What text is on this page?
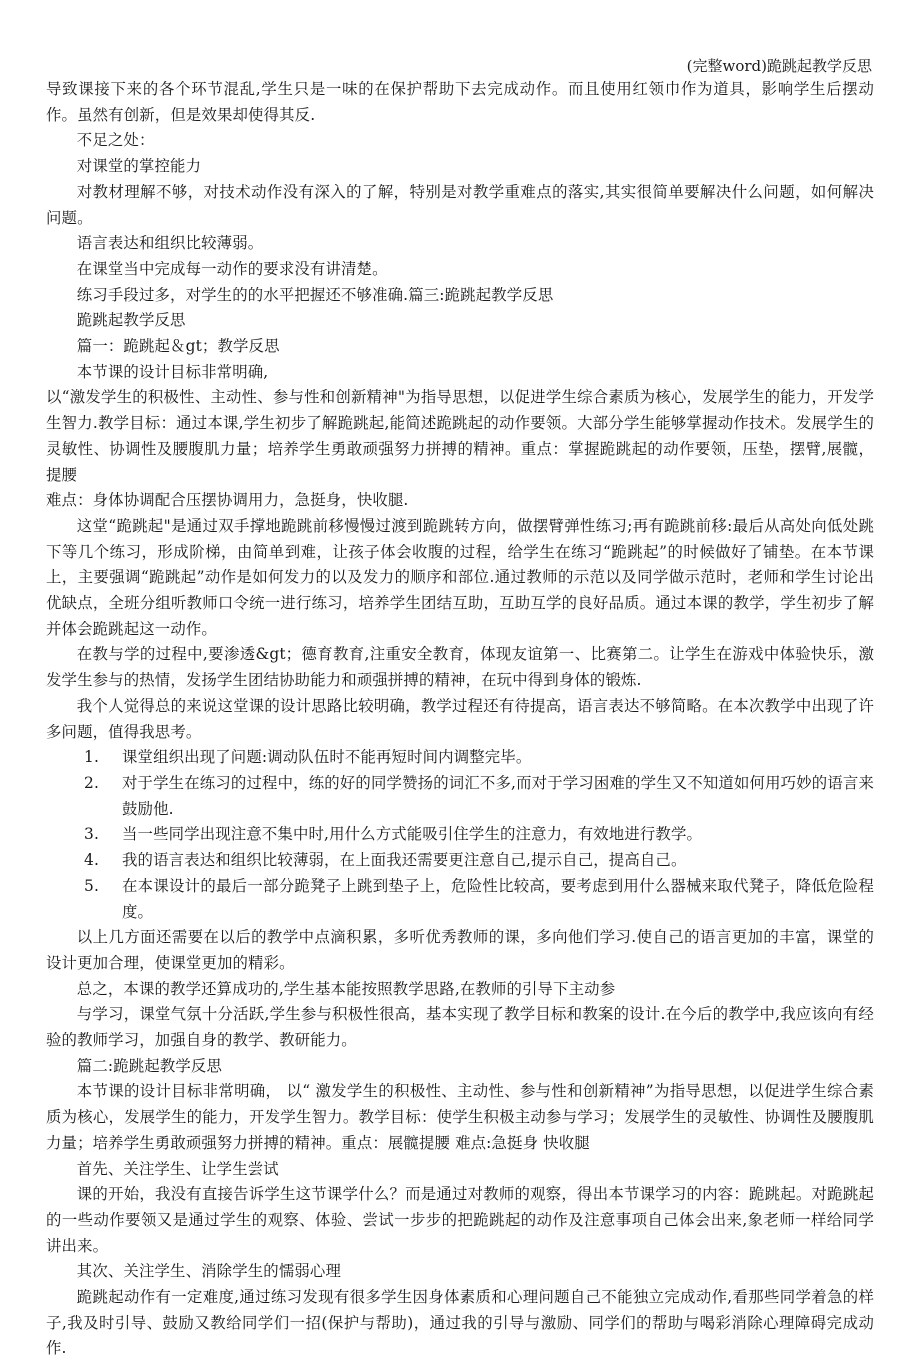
(完整word)跪跳起教学反思

导致课接下来的各个环节混乱,学生只是一味的在保护帮助下去完成动作。而且使用红领巾作为道具，影响学生后摆动作。虽然有创新，但是效果却使得其反.

不足之处：

对课堂的掌控能力

对教材理解不够，对技术动作没有深入的了解，特别是对教学重难点的落实,其实很简单要解决什么问题，如何解决问题。

语言表达和组织比较薄弱。

在课堂当中完成每一动作的要求没有讲清楚。

练习手段过多，对学生的的水平把握还不够准确.篇三:跪跳起教学反思

跪跳起教学反思

篇一：跪跳起＆gt；教学反思

本节课的设计目标非常明确,

以“激发学生的积极性、主动性、参与性和创新精神"为指导思想，以促进学生综合素质为核心，发展学生的能力，开发学生智力.教学目标：通过本课,学生初步了解跪跳起,能简述跪跳起的动作要领。大部分学生能够掌握动作技术。发展学生的灵敏性、协调性及腰腹肌力量；培养学生勇敢顽强努力拼搏的精神。重点：掌握跪跳起的动作要领，压垫，摆臂,展髋，提腰

难点：身体协调配合压摆协调用力，急挺身，快收腿.

这堂“跪跳起"是通过双手撑地跪跳前移慢慢过渡到跪跳转方向，做摆臂弹性练习;再有跪跳前移:最后从高处向低处跳下等几个练习，形成阶梯，由简单到难，让孩子体会收腹的过程，给学生在练习“跪跳起”的时候做好了铺垫。在本节课上，主要强调“跪跳起”动作是如何发力的以及发力的顺序和部位.通过教师的示范以及同学做示范时，老师和学生讨论出优缺点，全班分组听教师口令统一进行练习，培养学生团结互助，互助互学的良好品质。通过本课的教学，学生初步了解并体会跪跳起这一动作。

在教与学的过程中,要渗透&gt；德育教育,注重安全教育，体现友谊第一、比赛第二。让学生在游戏中体验快乐，激发学生参与的热情，发扬学生团结协助能力和顽强拼搏的精神，在玩中得到身体的锻炼.

我个人觉得总的来说这堂课的设计思路比较明确，教学过程还有待提高，语言表达不够简略。在本次教学中出现了许多问题，值得我思考。

1. 课堂组织出现了问题:调动队伍时不能再短时间内调整完毕。
2. 对于学生在练习的过程中，练的好的同学赞扬的词汇不多,而对于学习困难的学生又不知道如何用巧妙的语言来鼓励他.
3. 当一些同学出现注意不集中时,用什么方式能吸引住学生的注意力，有效地进行教学。
4. 我的语言表达和组织比较薄弱，在上面我还需要更注意自己,提示自己，提高自己。
5. 在本课设计的最后一部分跪凳子上跳到垫子上，危险性比较高，要考虑到用什么器械来取代凳子，降低危险程度。

以上几方面还需要在以后的教学中点滴积累，多听优秀教师的课，多向他们学习.使自己的语言更加的丰富，课堂的设计更加合理，使课堂更加的精彩。

总之，本课的教学还算成功的,学生基本能按照教学思路,在教师的引导下主动参

与学习，课堂气氛十分活跃,学生参与积极性很高，基本实现了教学目标和教案的设计.在今后的教学中,我应该向有经验的教师学习，加强自身的教学、教研能力。

篇二:跪跳起教学反思

本节课的设计目标非常明确， 以“ 激发学生的积极性、主动性、参与性和创新精神”为指导思想，以促进学生综合素质为核心，发展学生的能力，开发学生智力。教学目标：使学生积极主动参与学习；发展学生的灵敏性、协调性及腰腹肌力量；培养学生勇敢顽强努力拼搏的精神。重点：展髋提腰 难点:急挺身 快收腿

首先、关注学生、让学生尝试

课的开始，我没有直接告诉学生这节课学什么？而是通过对教师的观察，得出本节课学习的内容：跪跳起。对跪跳起的一些动作要领又是通过学生的观察、体验、尝试一步步的把跪跳起的动作及注意事项自己体会出来,象老师一样给同学讲出来。

其次、关注学生、消除学生的懦弱心理

跪跳起动作有一定难度,通过练习发现有很多学生因身体素质和心理问题自己不能独立完成动作,看那些同学着急的样子,我及时引导、鼓励又教给同学们一招(保护与帮助)，通过我的引导与激励、同学们的帮助与喝彩消除心理障碍完成动作.
